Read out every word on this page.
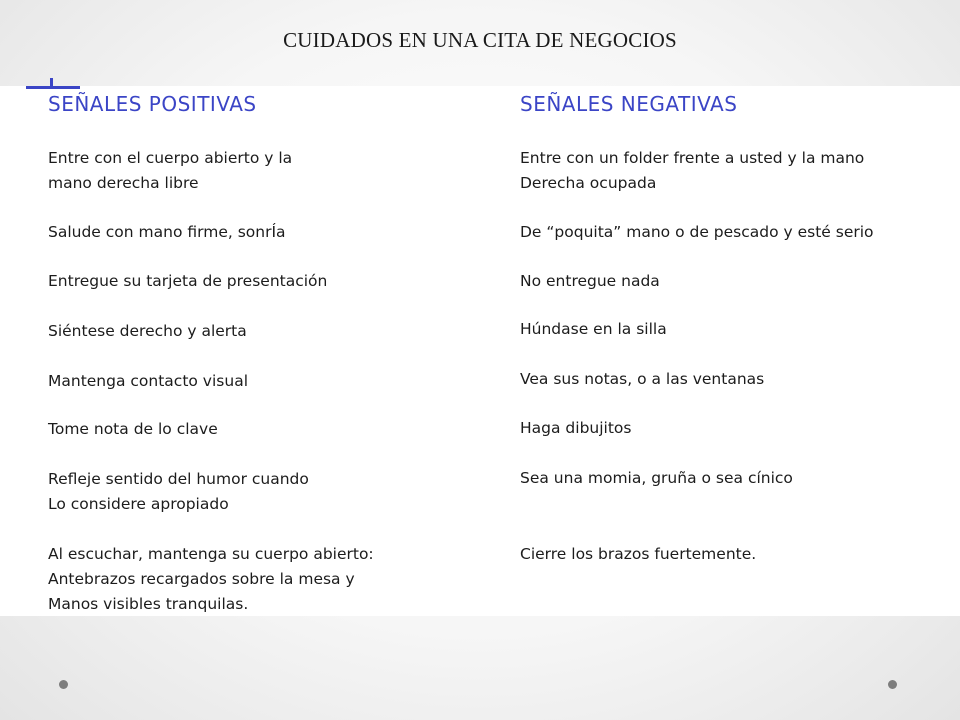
CUIDADOS EN UNA CITA DE NEGOCIOS
SEÑALES POSITIVAS
Entre con el cuerpo abierto y la
mano derecha libre
Salude con mano firme, sonrÍa
Entregue su tarjeta de presentación
Siéntese derecho y alerta
Mantenga contacto visual
Tome nota de lo clave
Refleje sentido del humor cuando
Lo considere apropiado
Al escuchar, mantenga su cuerpo abierto:
Antebrazos recargados sobre la mesa y
Manos visibles tranquilas.
SEÑALES NEGATIVAS
Entre con un folder frente a usted y la mano
Derecha ocupada
De “poquita” mano o de pescado y esté serio
No entregue nada
Húndase en la silla
Vea sus notas, o a las ventanas
Haga dibujitos
Sea una momia, gruña o sea cínico
Cierre los brazos fuertemente.
